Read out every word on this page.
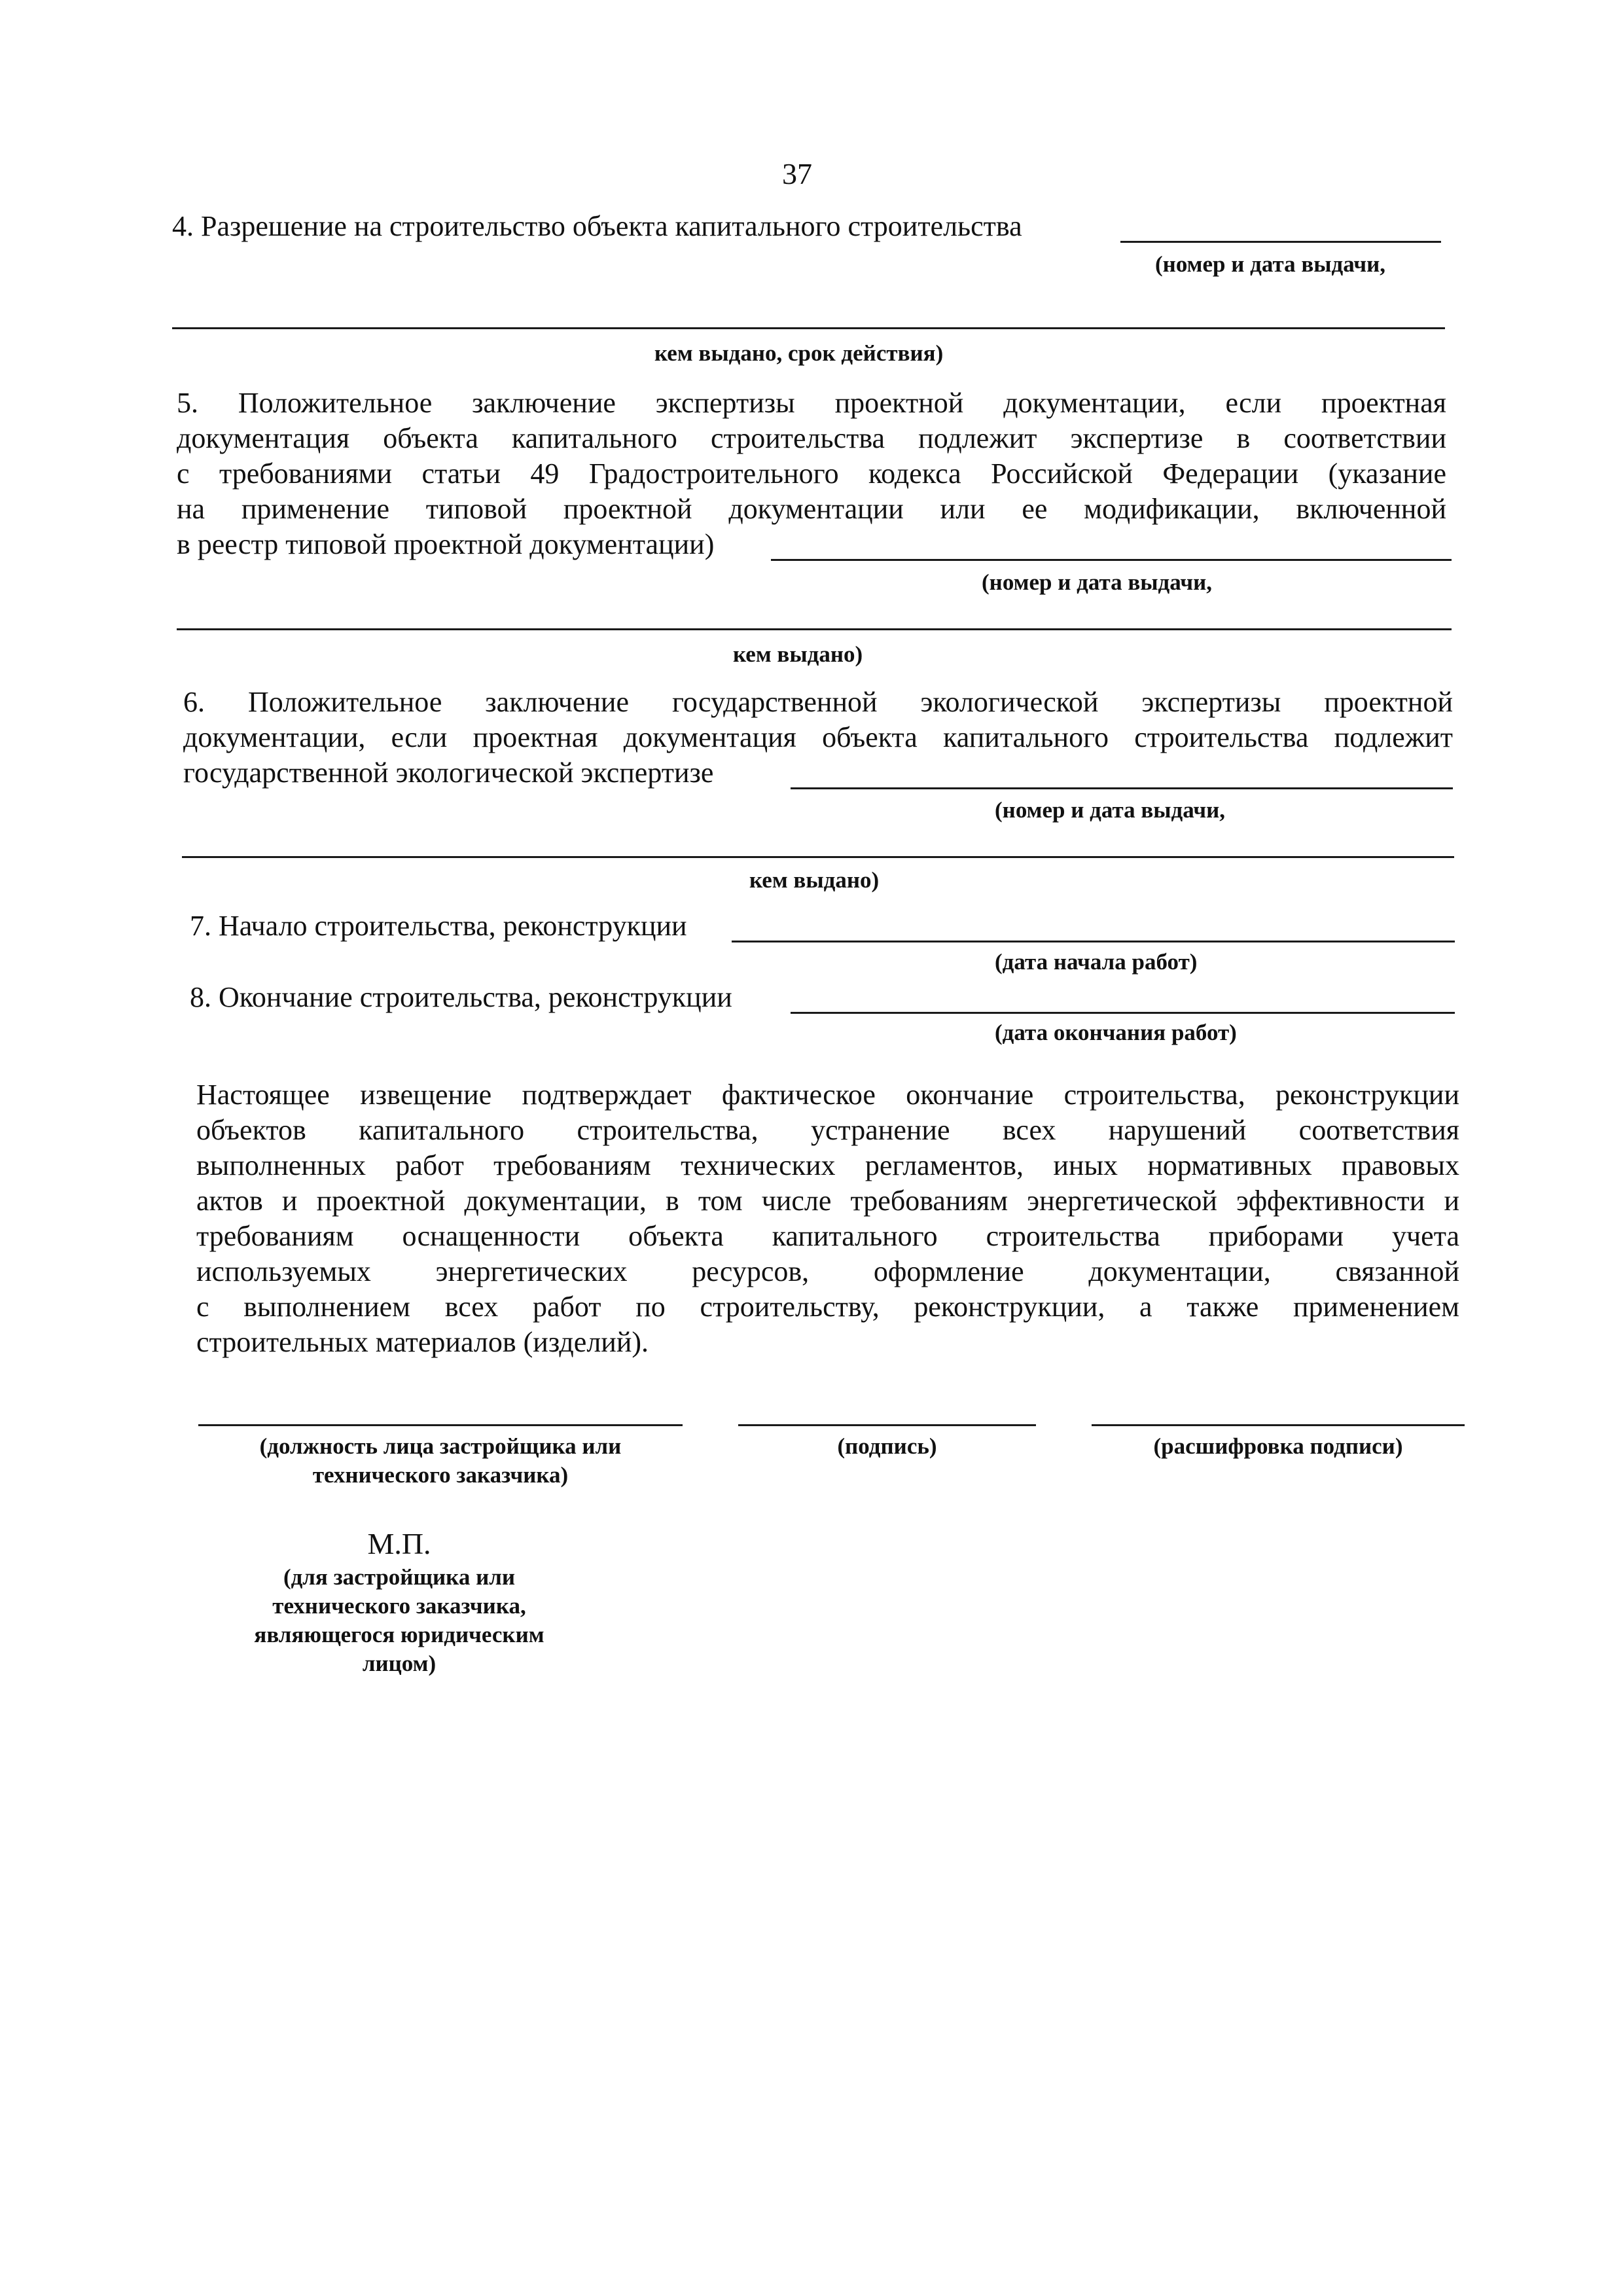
37
4. Разрешение на строительство объекта капитального строительства
(номер и дата выдачи,
кем выдано, срок действия)
5. Положительное заключение экспертизы проектной документации, если проектная
документация объекта капитального строительства подлежит экспертизе в соответствии
с требованиями статьи 49 Градостроительного кодекса Российской Федерации (указание
на применение типовой проектной документации или ее модификации, включенной
в реестр типовой проектной документации)
(номер и дата выдачи,
кем выдано)
6. Положительное заключение государственной экологической экспертизы проектной
документации, если проектная документация объекта капитального строительства подлежит
государственной экологической экспертизе
(номер и дата выдачи,
кем выдано)
7. Начало строительства, реконструкции
(дата начала работ)
8. Окончание строительства, реконструкции
(дата окончания работ)
Настоящее извещение подтверждает фактическое окончание строительства, реконструкции
объектов капитального строительства, устранение всех нарушений соответствия
выполненных работ требованиям технических регламентов, иных нормативных правовых
актов и проектной документации, в том числе требованиям энергетической эффективности и
требованиям оснащенности объекта капитального строительства приборами учета
используемых энергетических ресурсов, оформление документации, связанной
с выполнением всех работ по строительству, реконструкции, а также применением
строительных материалов (изделий).
(должность лица застройщика или
технического заказчика)
(подпись)	(расшифровка подписи)
М.П.
(для застройщика или
технического заказчика,
являющегося юридическим
лицом)
